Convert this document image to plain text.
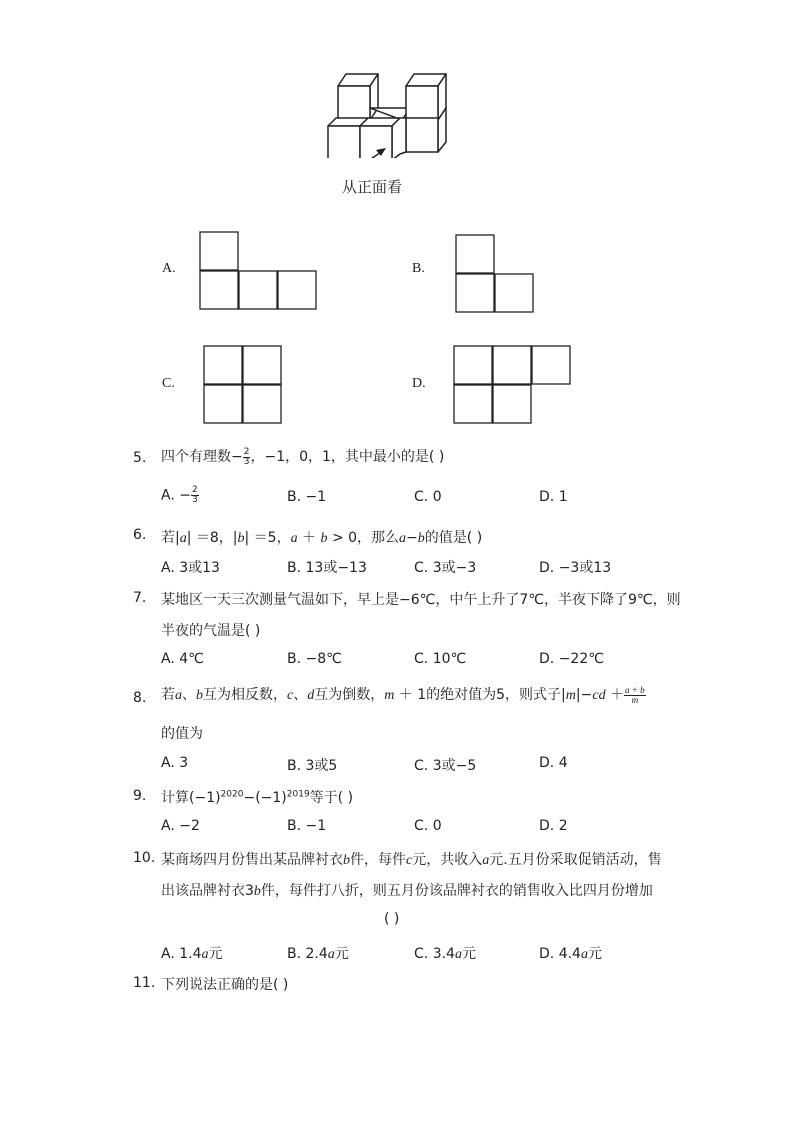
从正面看
A.	B.
C.	D.
5. 四个有理数− $\frac{2}{3}$ ，−1，0，1，其中最小的是( )
A. − $\frac{2}{3}$	B. −1	C. 0	D. 1
6. 若|a| ＝8，|b| ＝5，a ＋ b > 0，那么a−b的值是( )
A. 3或13	B. 13或−13	C. 3或−3	D. −3或13
7. 某地区一天三次测量气温如下，早上是−6℃，中午上升了7℃，半夜下降了9℃，则
半夜的气温是( )
A. 4℃	B. −8℃	C. 10℃	D. −22℃
8. 若a、b互为相反数，c、d互为倒数，m ＋ 1的绝对值为5，则式子$|m|-cd + \frac{a + b}{m}$
的值为
A. 3	B. 3或5	C. 3或−5	D. 4
9. 计算$(-1)^{2020}-(-1)^{2019}$等于( )
A. −2	B. −1	C. 0	D. 2
10. 某商场四月份售出某品牌衬衣b件，每件c元，共收入a元.五月份采取促销活动，售
出该品牌衬衣3b件，每件打八折，则五月份该品牌衬衣的销售收入比四月份增加
( )
A. 1.4a元	B. 2.4a元	C. 3.4a元	D. 4.4a元
11. 下列说法正确的是( )
